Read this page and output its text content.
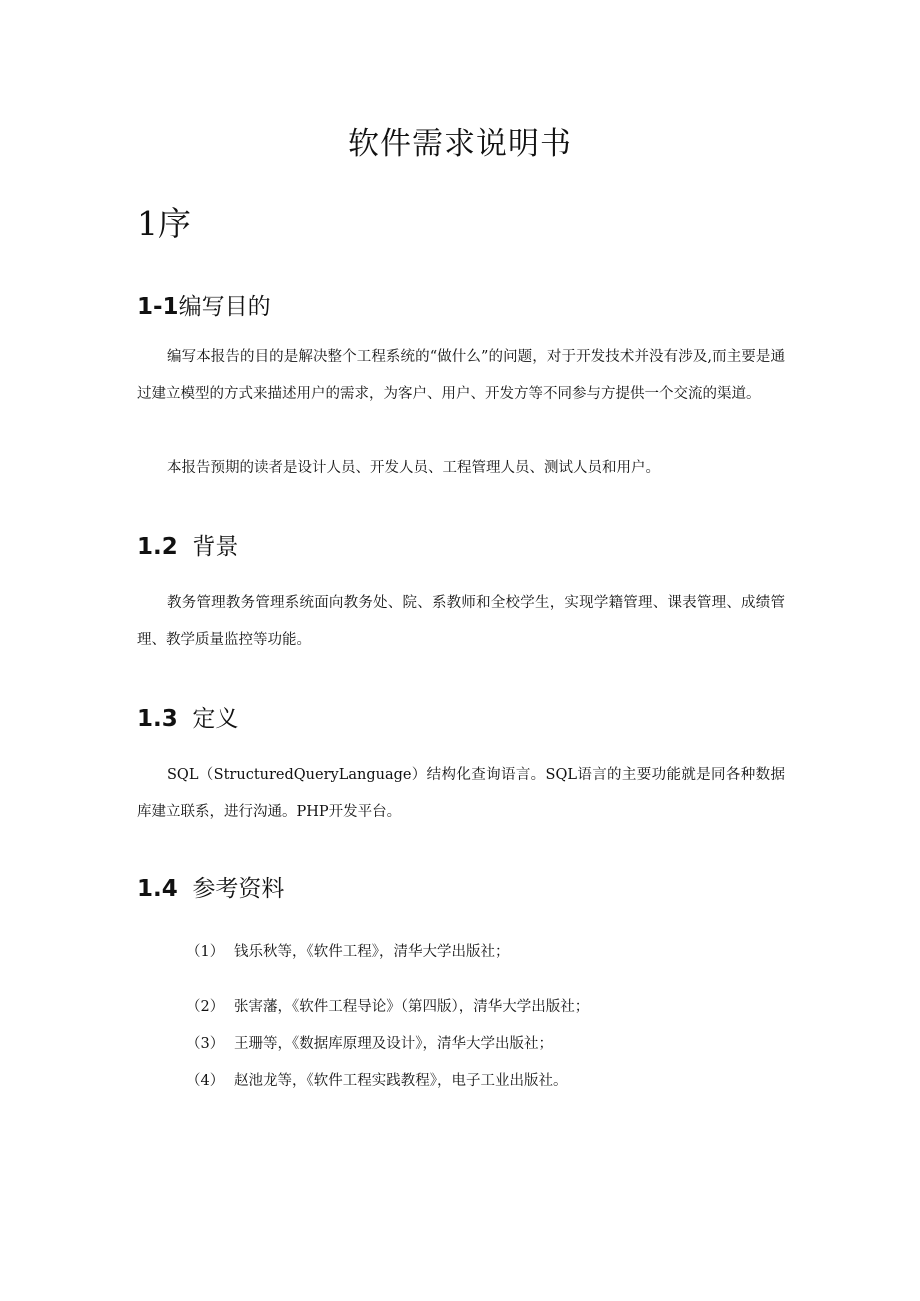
软件需求说明书
1序
1-1编写目的

编写本报告的目的是解决整个工程系统的“做什么”的问题，对于开发技术并没有涉及,而主要是通过建立模型的方式来描述用户的需求，为客户、用户、开发方等不同参与方提供一个交流的渠道。

本报告预期的读者是设计人员、开发人员、工程管理人员、测试人员和用户。

1.2 背景

教务管理教务管理系统面向教务处、院、系教师和全校学生，实现学籍管理、课表管理、成绩管理、教学质量监控等功能。

1.3 定义

SQL（StructuredQueryLanguage）结构化查询语言。SQL语言的主要功能就是同各种数据库建立联系，进行沟通。PHP开发平台。

1.4 参考资料
（1） 钱乐秋等，《软件工程》，清华大学出版社；
（2） 张害藩，《软件工程导论》（第四版），清华大学出版社；
（3） 王珊等，《数据库原理及设计》，清华大学出版社；
（4） 赵池龙等，《软件工程实践教程》，电子工业出版社。
